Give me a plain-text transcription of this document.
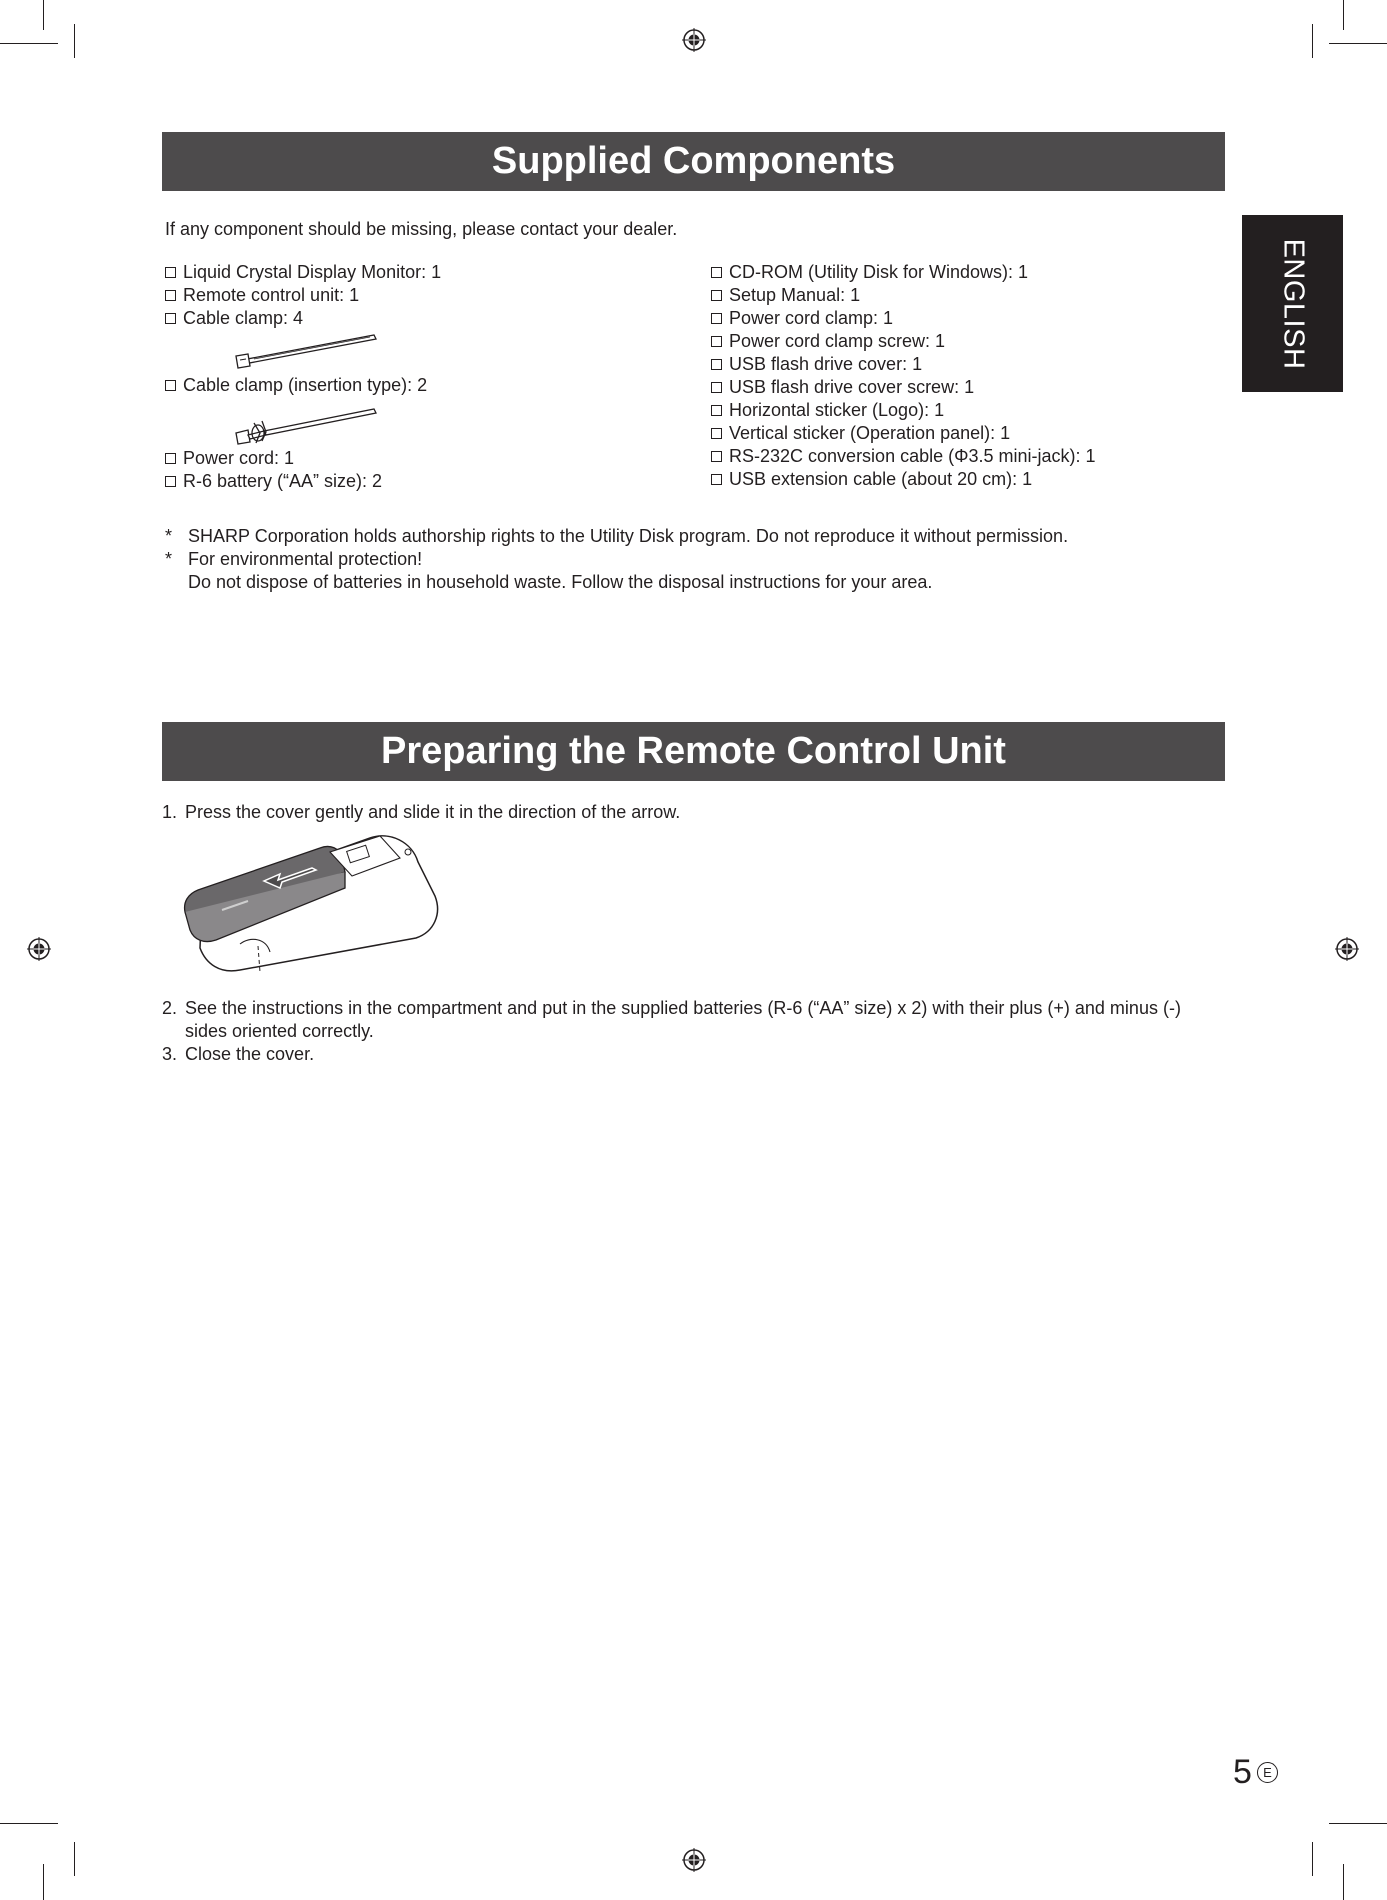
ENGLISH
Supplied Components
If any component should be missing, please contact your dealer.
Liquid Crystal Display Monitor: 1
Remote control unit: 1
Cable clamp: 4
Cable clamp (insertion type): 2
Power cord: 1
R-6 battery (“AA” size): 2
CD-ROM (Utility Disk for Windows): 1
Setup Manual: 1
Power cord clamp: 1
Power cord clamp screw: 1
USB flash drive cover: 1
USB flash drive cover screw: 1
Horizontal sticker (Logo): 1
Vertical sticker (Operation panel): 1
RS-232C conversion cable (Φ3.5 mini-jack): 1
USB extension cable (about 20 cm): 1
* SHARP Corporation holds authorship rights to the Utility Disk program. Do not reproduce it without permission.
* For environmental protection!
Do not dispose of batteries in household waste. Follow the disposal instructions for your area.
Preparing the Remote Control Unit
1. Press the cover gently and slide it in the direction of the arrow.
2. See the instructions in the compartment and put in the supplied batteries (R-6 (“AA” size) x 2) with their plus (+) and minus (-)
sides oriented correctly.
3. Close the cover.
5 E
